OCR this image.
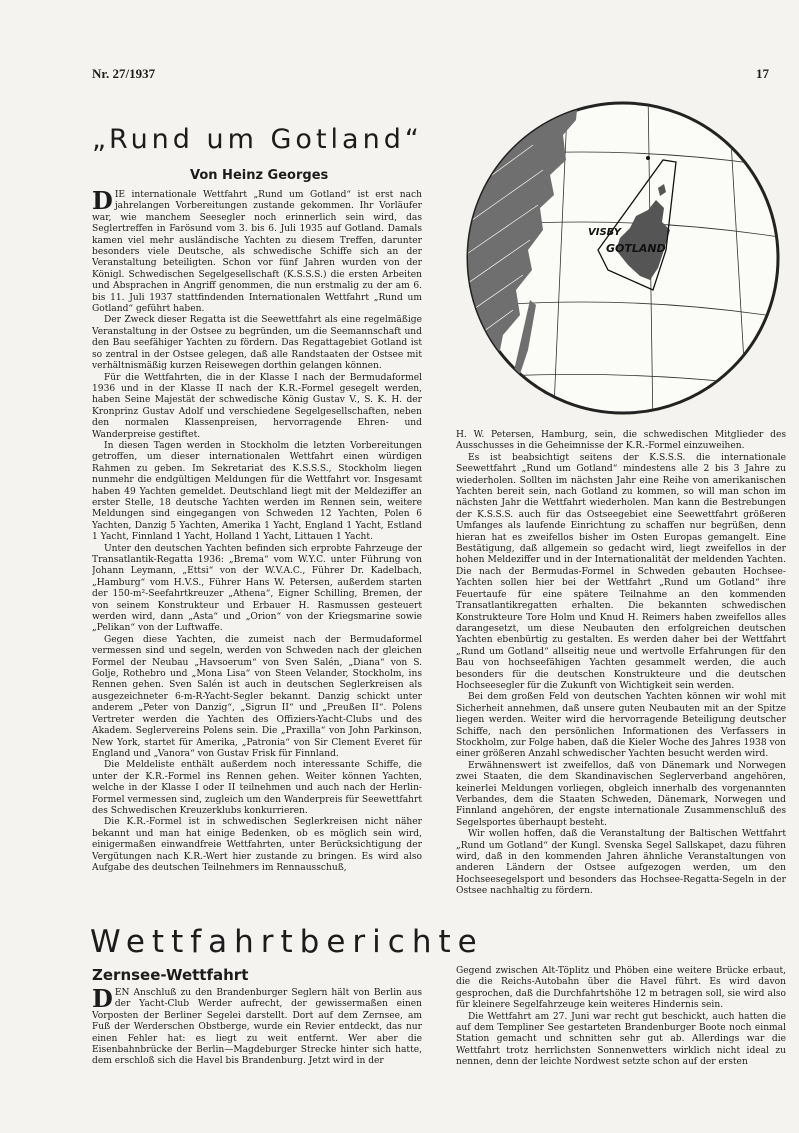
Nr. 27/1937	17
„Rund um Gotland“
Von Heinz Georges
VISBY
GOTLAND

DIE internationale Wettfahrt „Rund um Gotland“ ist erst nach jahrelangen Vorbereitungen zustande gekommen. Ihr Vorläufer war, wie manchem Seesegler noch erinnerlich sein wird, das Seglertreffen in Farösund vom 3. bis 6. Juli 1935 auf Gotland. Damals kamen viel mehr ausländische Yachten zu diesem Treffen, darunter besonders viele Deutsche, als schwedische Schiffe sich an der Veranstaltung beteiligten. Schon vor fünf Jahren wurden von der Königl. Schwedischen Segelgesellschaft (K.S.S.S.) die ersten Arbeiten und Absprachen in Angriff genommen, die nun erstmalig zu der am 6. bis 11. Juli 1937 stattfindenden Internationalen Wettfahrt „Rund um Gotland“ geführt haben.

Der Zweck dieser Regatta ist die Seewettfahrt als eine regelmäßige Veranstaltung in der Ostsee zu begründen, um die Seemannschaft und den Bau seefähiger Yachten zu fördern. Das Regattagebiet Gotland ist so zentral in der Ostsee gelegen, daß alle Randstaaten der Ostsee mit verhältnismäßig kurzen Reisewegen dorthin gelangen können.

Für die Wettfahrten, die in der Klasse I nach der Bermudaformel 1936 und in der Klasse II nach der K.R.-Formel gesegelt werden, haben Seine Majestät der schwedische König Gustav V., S. K. H. der Kronprinz Gustav Adolf und verschiedene Segelgesellschaften, neben den normalen Klassenpreisen, hervorragende Ehren- und Wanderpreise gestiftet.

In diesen Tagen werden in Stockholm die letzten Vorbereitungen getroffen, um dieser internationalen Wettfahrt einen würdigen Rahmen zu geben. Im Sekretariat des K.S.S.S., Stockholm liegen nunmehr die endgültigen Meldungen für die Wettfahrt vor. Insgesamt haben 49 Yachten gemeldet. Deutschland liegt mit der Meldeziffer an erster Stelle, 18 deutsche Yachten werden im Rennen sein, weitere Meldungen sind eingegangen von Schweden 12 Yachten, Polen 6 Yachten, Danzig 5 Yachten, Amerika 1 Yacht, England 1 Yacht, Estland 1 Yacht, Finnland 1 Yacht, Holland 1 Yacht, Littauen 1 Yacht.

Unter den deutschen Yachten befinden sich erprobte Fahrzeuge der Transatlantik-Regatta 1936: „Brema“ vom W.Y.C. unter Führung von Johann Leymann, „Ettsi“ von der W.V.A.C., Führer Dr. Kadelbach, „Hamburg“ vom H.V.S., Führer Hans W. Petersen, außerdem starten der 150-m²-Seefahrtkreuzer „Athena“, Eigner Schilling, Bremen, der von seinem Konstrukteur und Erbauer H. Rasmussen gesteuert werden wird, dann „Asta“ und „Orion“ von der Kriegsmarine sowie „Pelikan“ von der Luftwaffe.

Gegen diese Yachten, die zumeist nach der Bermudaformel vermessen sind und segeln, werden von Schweden nach der gleichen Formel der Neubau „Havsoerum“ von Sven Salén, „Diana“ von S. Golje, Rothebro und „Mona Lisa“ von Steen Velander, Stockholm, ins Rennen gehen. Sven Salén ist auch in deutschen Seglerkreisen als ausgezeichneter 6-m-R-Yacht-Segler bekannt. Danzig schickt unter anderem „Peter von Danzig“, „Sigrun II“ und „Preußen II“. Polens Vertreter werden die Yachten des Offiziers-Yacht-Clubs und des Akadem. Seglervereins Polens sein. Die „Praxilla“ von John Parkinson, New York, startet für Amerika, „Patronia“ von Sir Clement Everet für England und „Vanora“ von Gustav Frisk für Finnland.

Die Meldeliste enthält außerdem noch interessante Schiffe, die unter der K.R.-Formel ins Rennen gehen. Weiter können Yachten, welche in der Klasse I oder II teilnehmen und auch nach der Herlin-Formel vermessen sind, zugleich um den Wanderpreis für Seewettfahrt des Schwedischen Kreuzerklubs konkurrieren.

Die K.R.-Formel ist in schwedischen Seglerkreisen nicht näher bekannt und man hat einige Bedenken, ob es möglich sein wird, einigermaßen einwandfreie Wettfahrten, unter Berücksichtigung der Vergütungen nach K.R.-Wert hier zustande zu bringen. Es wird also Aufgabe des deutschen Teilnehmers im Rennausschuß,

H. W. Petersen, Hamburg, sein, die schwedischen Mitglieder des Ausschusses in die Geheimnisse der K.R.-Formel einzuweihen.

Es ist beabsichtigt seitens der K.S.S.S. die internationale Seewettfahrt „Rund um Gotland“ mindestens alle 2 bis 3 Jahre zu wiederholen. Sollten im nächsten Jahr eine Reihe von amerikanischen Yachten bereit sein, nach Gotland zu kommen, so will man schon im nächsten Jahr die Wettfahrt wiederholen. Man kann die Bestrebungen der K.S.S.S. auch für das Ostseegebiet eine Seewettfahrt größeren Umfanges als laufende Einrichtung zu schaffen nur begrüßen, denn hieran hat es zweifellos bisher im Osten Europas gemangelt. Eine Bestätigung, daß allgemein so gedacht wird, liegt zweifellos in der hohen Meldeziffer und in der Internationalität der meldenden Yachten. Die nach der Bermudas-Formel in Schweden gebauten Hochsee-Yachten sollen hier bei der Wettfahrt „Rund um Gotland“ ihre Feuertaufe für eine spätere Teilnahme an den kommenden Transatlantikregatten erhalten. Die bekannten schwedischen Konstrukteure Tore Holm und Knud H. Reimers haben zweifellos alles darangesetzt, um diese Neubauten den erfolgreichen deutschen Yachten ebenbürtig zu gestalten. Es werden daher bei der Wettfahrt „Rund um Gotland“ allseitig neue und wertvolle Erfahrungen für den Bau von hochseefähigen Yachten gesammelt werden, die auch besonders für die deutschen Konstrukteure und die deutschen Hochseesegler für die Zukunft von Wichtigkeit sein werden.

Bei dem großen Feld von deutschen Yachten können wir wohl mit Sicherheit annehmen, daß unsere guten Neubauten mit an der Spitze liegen werden. Weiter wird die hervorragende Beteiligung deutscher Schiffe, nach den persönlichen Informationen des Verfassers in Stockholm, zur Folge haben, daß die Kieler Woche des Jahres 1938 von einer größeren Anzahl schwedischer Yachten besucht werden wird.

Erwähnenswert ist zweifellos, daß von Dänemark und Norwegen zwei Staaten, die dem Skandinavischen Seglerverband angehören, keinerlei Meldungen vorliegen, obgleich innerhalb des vorgenannten Verbandes, dem die Staaten Schweden, Dänemark, Norwegen und Finnland angehören, der engste internationale Zusammenschluß des Segelsportes überhaupt besteht.

Wir wollen hoffen, daß die Veranstaltung der Baltischen Wettfahrt „Rund um Gotland“ der Kungl. Svenska Segel Sallskapet, dazu führen wird, daß in den kommenden Jahren ähnliche Veranstaltungen von anderen Ländern der Ostsee aufgezogen werden, um den Hochseesegelsport und besonders das Hochsee-Regatta-Segeln in der Ostsee nachhaltig zu fördern.

Wettfahrtberichte
Zernsee-Wettfahrt

DEN Anschluß zu den Brandenburger Seglern hält von Berlin aus der Yacht-Club Werder aufrecht, der gewissermaßen einen Vorposten der Berliner Segelei darstellt. Dort auf dem Zernsee, am Fuß der Werderschen Obstberge, wurde ein Revier entdeckt, das nur einen Fehler hat: es liegt zu weit entfernt. Wer aber die Eisenbahnbrücke der Berlin—Magdeburger Strecke hinter sich hatte, dem erschloß sich die Havel bis Brandenburg. Jetzt wird in der

Gegend zwischen Alt-Töplitz und Phöben eine weitere Brücke erbaut, die die Reichs-Autobahn über die Havel führt. Es wird davon gesprochen, daß die Durchfahrtshöhe 12 m betragen soll, sie wird also für kleinere Segelfahrzeuge kein weiteres Hindernis sein.

Die Wettfahrt am 27. Juni war recht gut beschickt, auch hatten die auf dem Templiner See gestarteten Brandenburger Boote noch einmal Station gemacht und schnitten sehr gut ab. Allerdings war die Wettfahrt trotz herrlichsten Sonnenwetters wirklich nicht ideal zu nennen, denn der leichte Nordwest setzte schon auf der ersten
